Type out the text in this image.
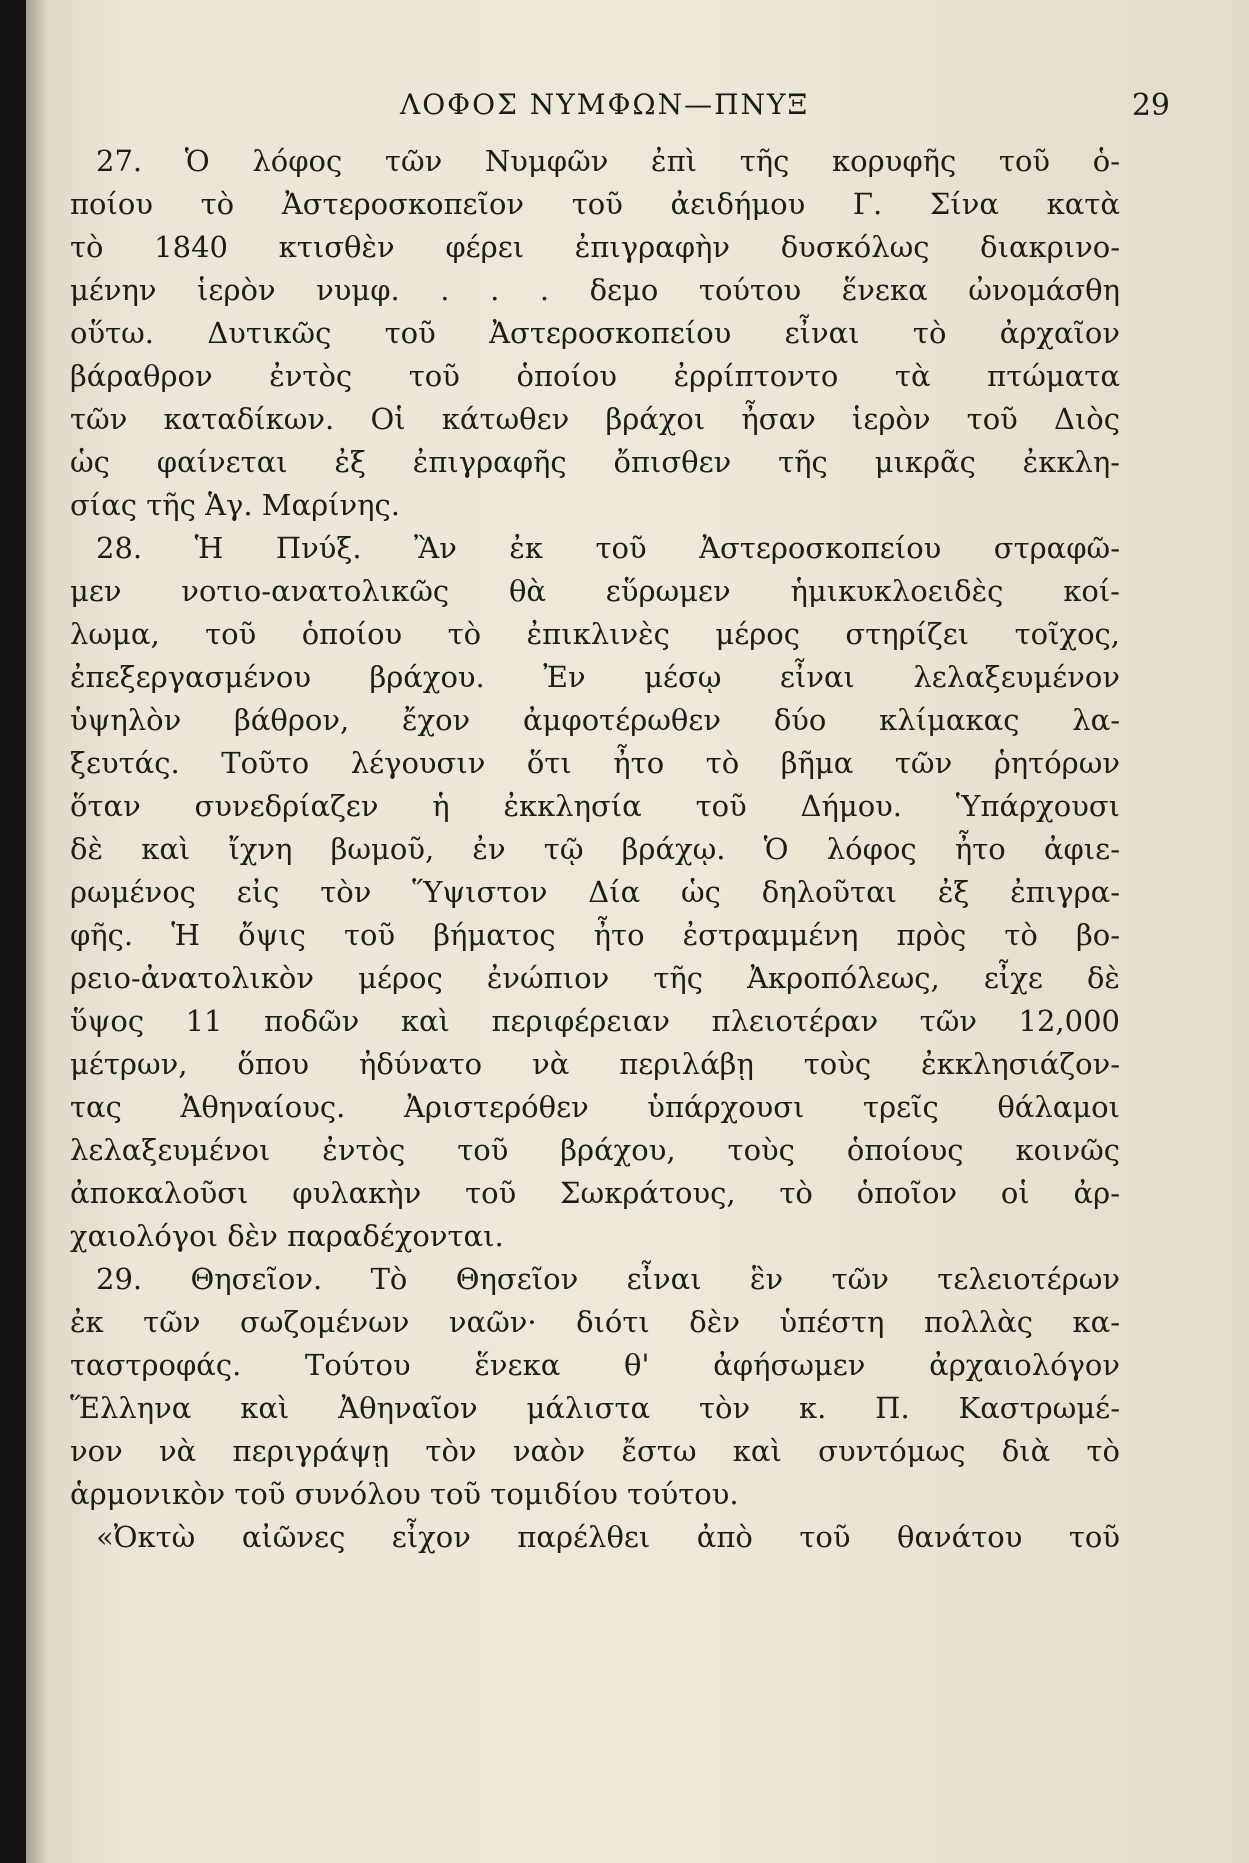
ΛΟΦΟΣ ΝΥΜΦΩΝ—ΠΝΥΞ	29
27. Ὁ λόφος τῶν Νυμφῶν ἐπὶ τῆς κορυφῆς τοῦ ὁ-
ποίου τὸ Ἀστεροσκοπεῖον τοῦ ἀειδήμου Γ. Σίνα κατὰ
τὸ 1840 κτισθὲν φέρει ἐπιγραφὴν δυσκόλως διακρινο-
μένην ἱερὸν νυμφ. . . . δεμο τούτου ἕνεκα ὠνομάσθη
οὕτω. Δυτικῶς τοῦ Ἀστεροσκοπείου εἶναι τὸ ἀρχαῖον
βάραθρον ἐντὸς τοῦ ὁποίου ἐρρίπτοντο τὰ πτώματα
τῶν καταδίκων. Οἱ κάτωθεν βράχοι ἦσαν ἱερὸν τοῦ Διὸς
ὡς φαίνεται ἐξ ἐπιγραφῆς ὄπισθεν τῆς μικρᾶς ἐκκλη-
σίας τῆς Ἁγ. Μαρίνης.
28. Ἡ Πνύξ. Ἂν ἐκ τοῦ Ἀστεροσκοπείου στραφῶ-
μεν νοτιο-ανατολικῶς θὰ εὕρωμεν ἡμικυκλοειδὲς κοί-
λωμα, τοῦ ὁποίου τὸ ἐπικλινὲς μέρος στηρίζει τοῖχος,
ἐπεξεργασμένου βράχου. Ἐν μέσῳ εἶναι λελαξευμένον
ὑψηλὸν βάθρον, ἔχον ἀμφοτέρωθεν δύο κλίμακας λα-
ξευτάς. Τοῦτο λέγουσιν ὅτι ἦτο τὸ βῆμα τῶν ῥητόρων
ὅταν συνεδρίαζεν ἡ ἐκκλησία τοῦ Δήμου. Ὑπάρχουσι
δὲ καὶ ἴχνη βωμοῦ, ἐν τῷ βράχῳ. Ὁ λόφος ἦτο ἀφιε-
ρωμένος εἰς τὸν Ὕψιστον Δία ὡς δηλοῦται ἐξ ἐπιγρα-
φῆς. Ἡ ὄψις τοῦ βήματος ἦτο ἐστραμμένη πρὸς τὸ βο-
ρειο-ἀνατολικὸν μέρος ἐνώπιον τῆς Ἀκροπόλεως, εἶχε δὲ
ὕψος 11 ποδῶν καὶ περιφέρειαν πλειοτέραν τῶν 12,000
μέτρων, ὅπου ἠδύνατο νὰ περιλάβῃ τοὺς ἐκκλησιάζον-
τας Ἀθηναίους. Ἀριστερόθεν ὑπάρχουσι τρεῖς θάλαμοι
λελαξευμένοι ἐντὸς τοῦ βράχου, τοὺς ὁποίους κοινῶς
ἀποκαλοῦσι φυλακὴν τοῦ Σωκράτους, τὸ ὁποῖον οἱ ἀρ-
χαιολόγοι δὲν παραδέχονται.
29. Θησεῖον. Τὸ Θησεῖον εἶναι ἓν τῶν τελειοτέρων
ἐκ τῶν σωζομένων ναῶν· διότι δὲν ὑπέστη πολλὰς κα-
ταστροφάς. Τούτου ἕνεκα θ' ἀφήσωμεν ἀρχαιολόγον
Ἕλληνα καὶ Ἀθηναῖον μάλιστα τὸν κ. Π. Καστρωμέ-
νον νὰ περιγράψῃ τὸν ναὸν ἔστω καὶ συντόμως διὰ τὸ
ἁρμονικὸν τοῦ συνόλου τοῦ τομιδίου τούτου.
«Ὀκτὼ αἰῶνες εἶχον παρέλθει ἀπὸ τοῦ θανάτου τοῦ
